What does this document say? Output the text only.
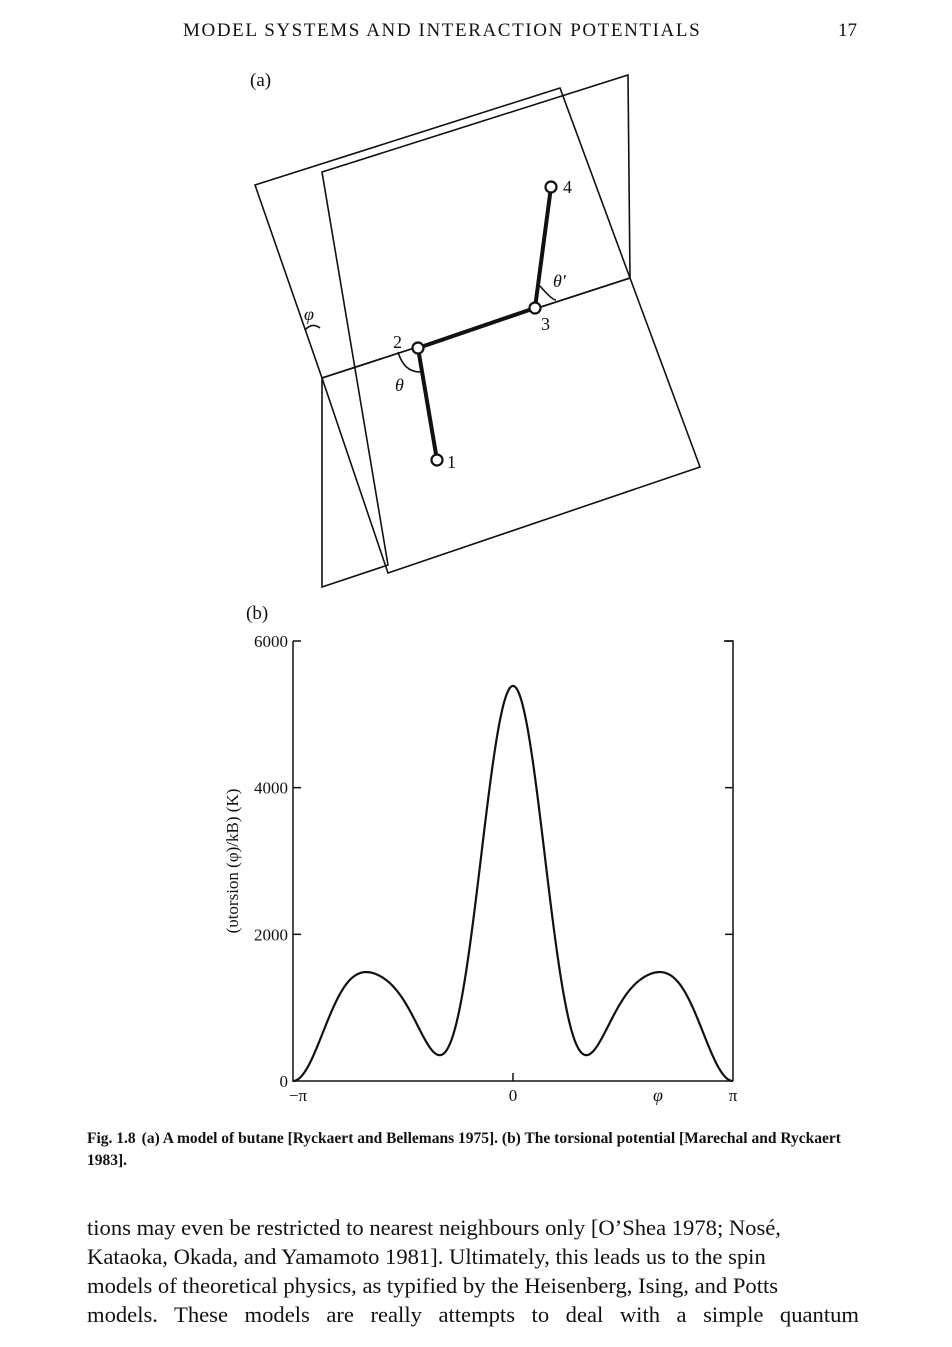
MODEL SYSTEMS AND INTERACTION POTENTIALS	17
(a)
1
2
3
4
φ
θ
θ′
(b)
0
2000
4000
6000
−π	0	π
(υtorsion (φ)/kB) (K)
φ
Fig. 1.8 (a) A model of butane [Ryckaert and Bellemans 1975]. (b) The torsional potential [Marechal and Ryckaert 1983].

tions may even be restricted to nearest neighbours only [O’Shea 1978; Nosé,

Kataoka, Okada, and Yamamoto 1981]. Ultimately, this leads us to the spin

models of theoretical physics, as typified by the Heisenberg, Ising, and Potts

models. These models are really attempts to deal with a simple quantum
